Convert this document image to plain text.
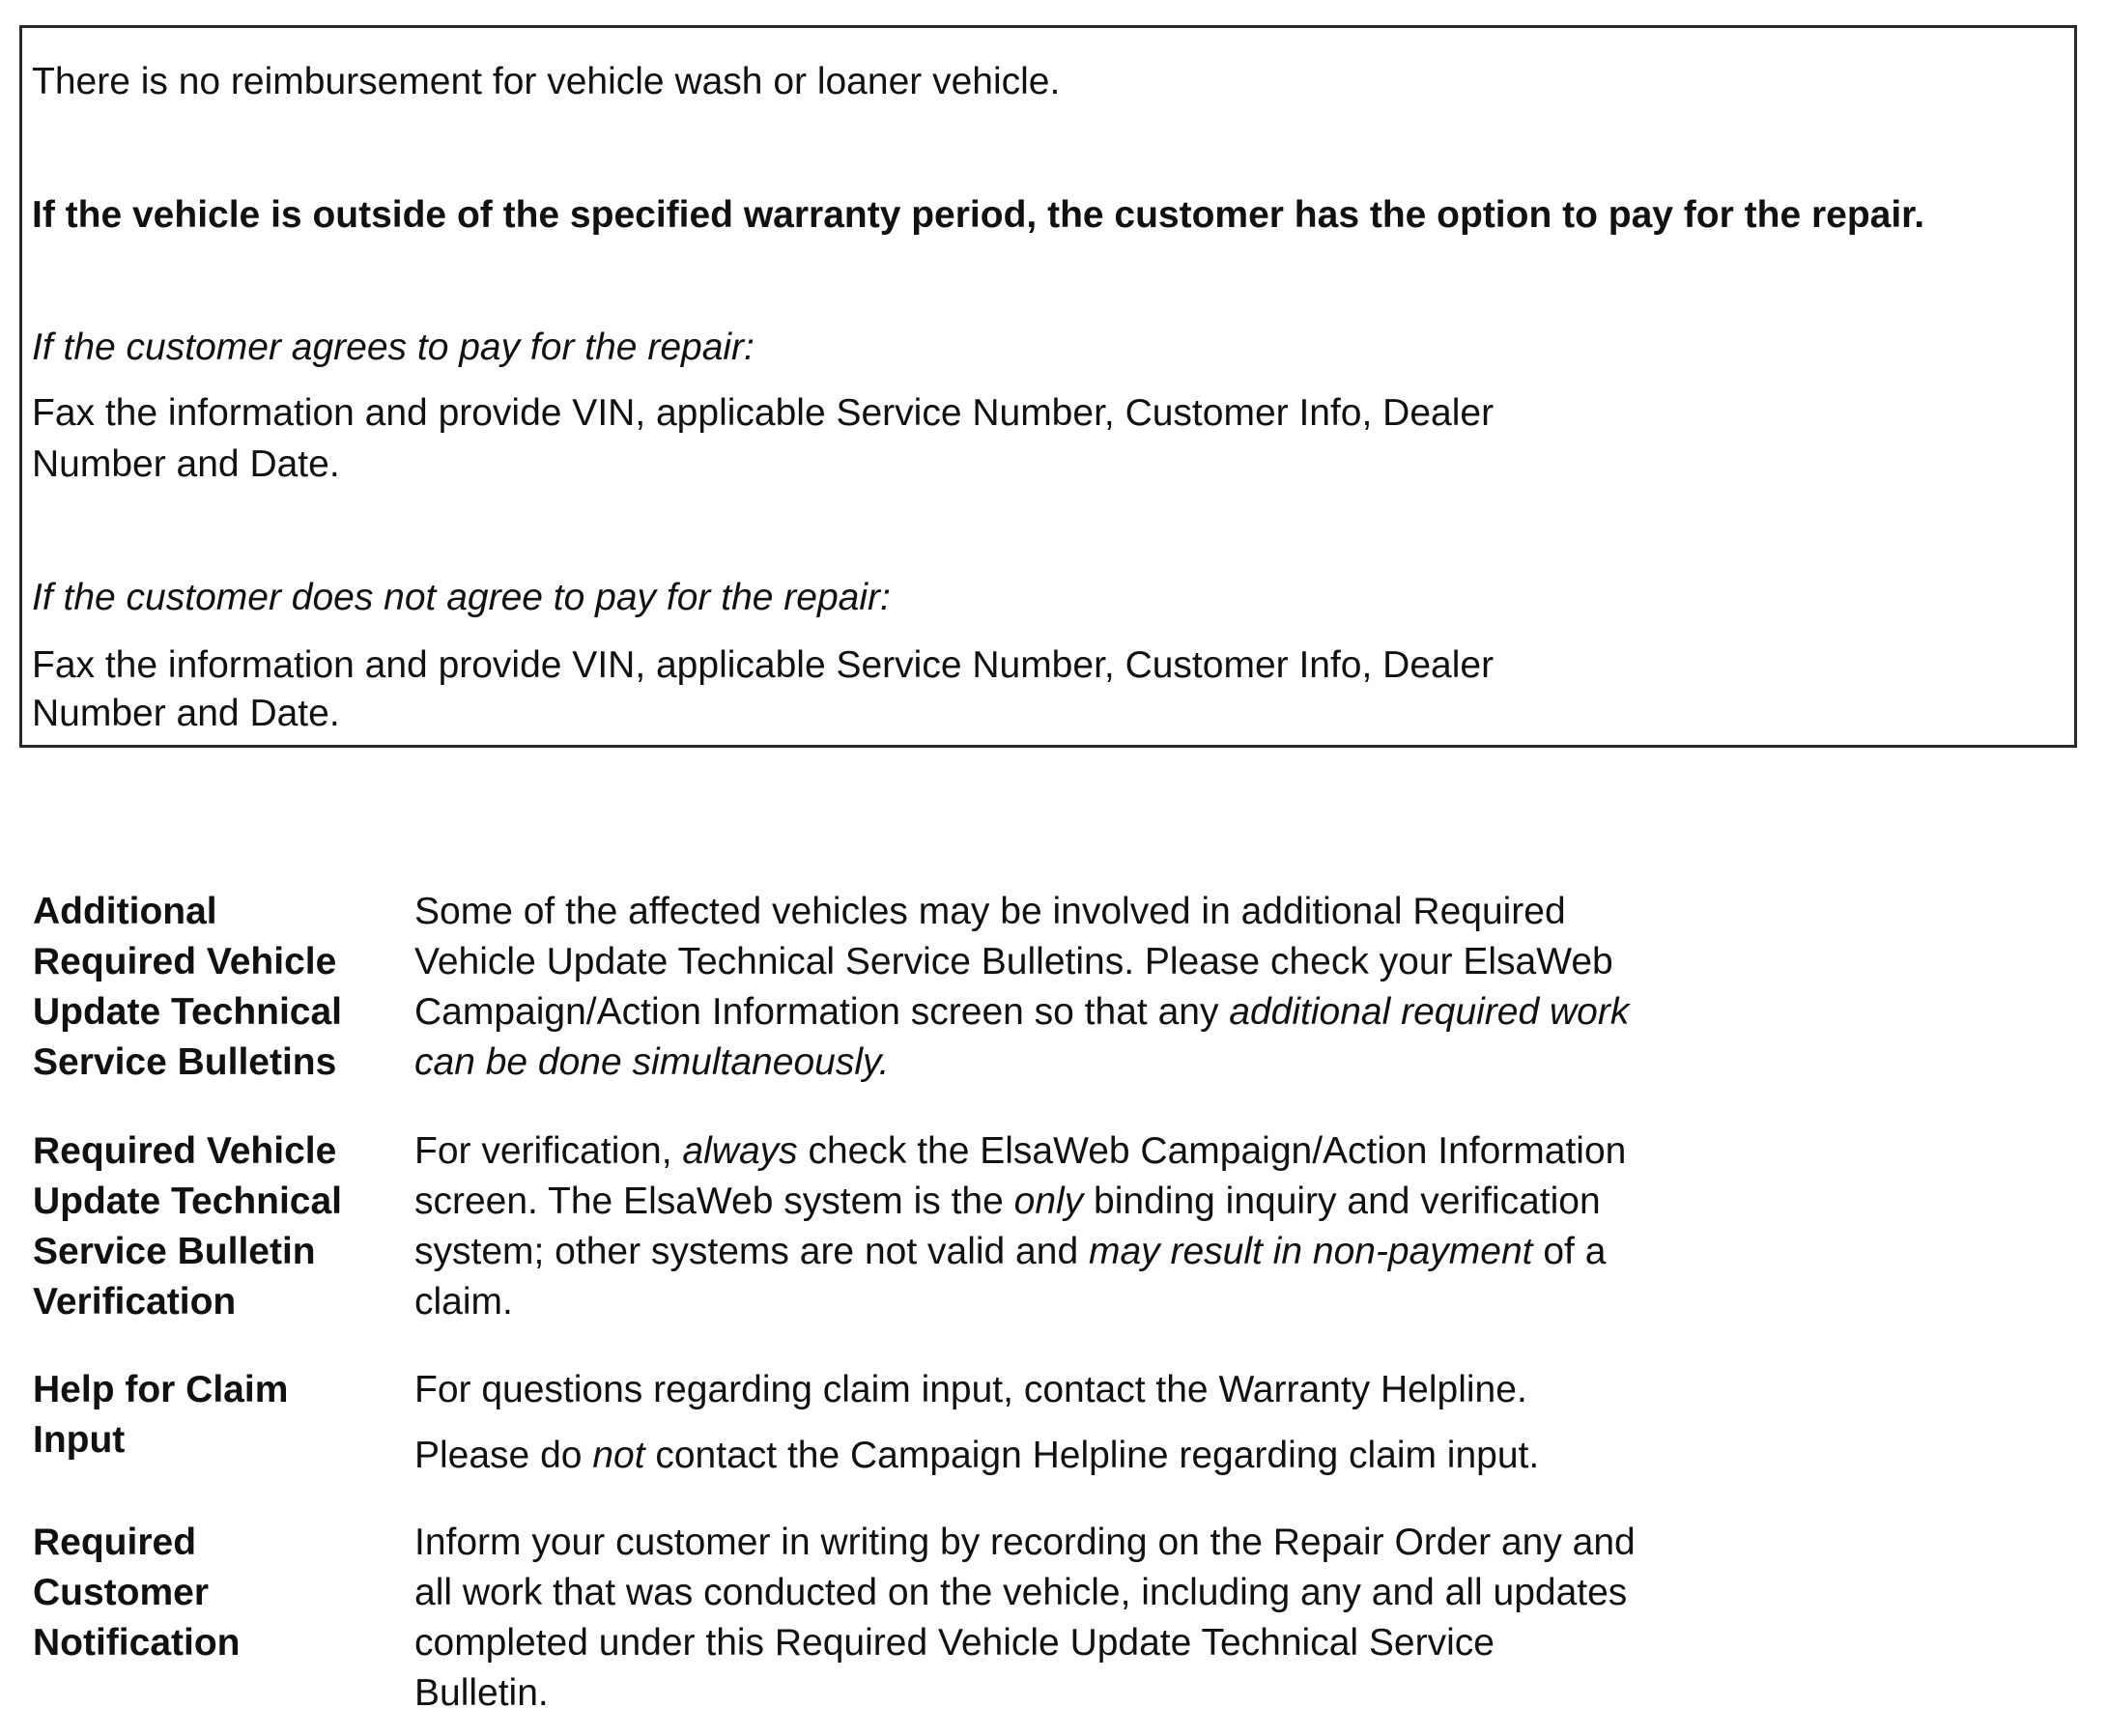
There is no reimbursement for vehicle wash or loaner vehicle.

If the vehicle is outside of the specified warranty period, the customer has the option to pay for the repair.

If the customer agrees to pay for the repair:

Fax the information and provide VIN, applicable Service Number, Customer Info, Dealer

Number and Date.

If the customer does not agree to pay for the repair:

Fax the information and provide VIN, applicable Service Number, Customer Info, Dealer

Number and Date.

Additional
Required Vehicle
Update Technical
Service Bulletins

Some of the affected vehicles may be involved in additional Required
Vehicle Update Technical Service Bulletins. Please check your ElsaWeb
Campaign/Action Information screen so that any additional required work
can be done simultaneously.

Required Vehicle
Update Technical
Service Bulletin
Verification

For verification, always check the ElsaWeb Campaign/Action Information
screen. The ElsaWeb system is the only binding inquiry and verification
system; other systems are not valid and may result in non-payment of a
claim.

Help for Claim
Input

For questions regarding claim input, contact the Warranty Helpline.
Please do not contact the Campaign Helpline regarding claim input.

Required
Customer
Notification

Inform your customer in writing by recording on the Repair Order any and
all work that was conducted on the vehicle, including any and all updates
completed under this Required Vehicle Update Technical Service
Bulletin.
